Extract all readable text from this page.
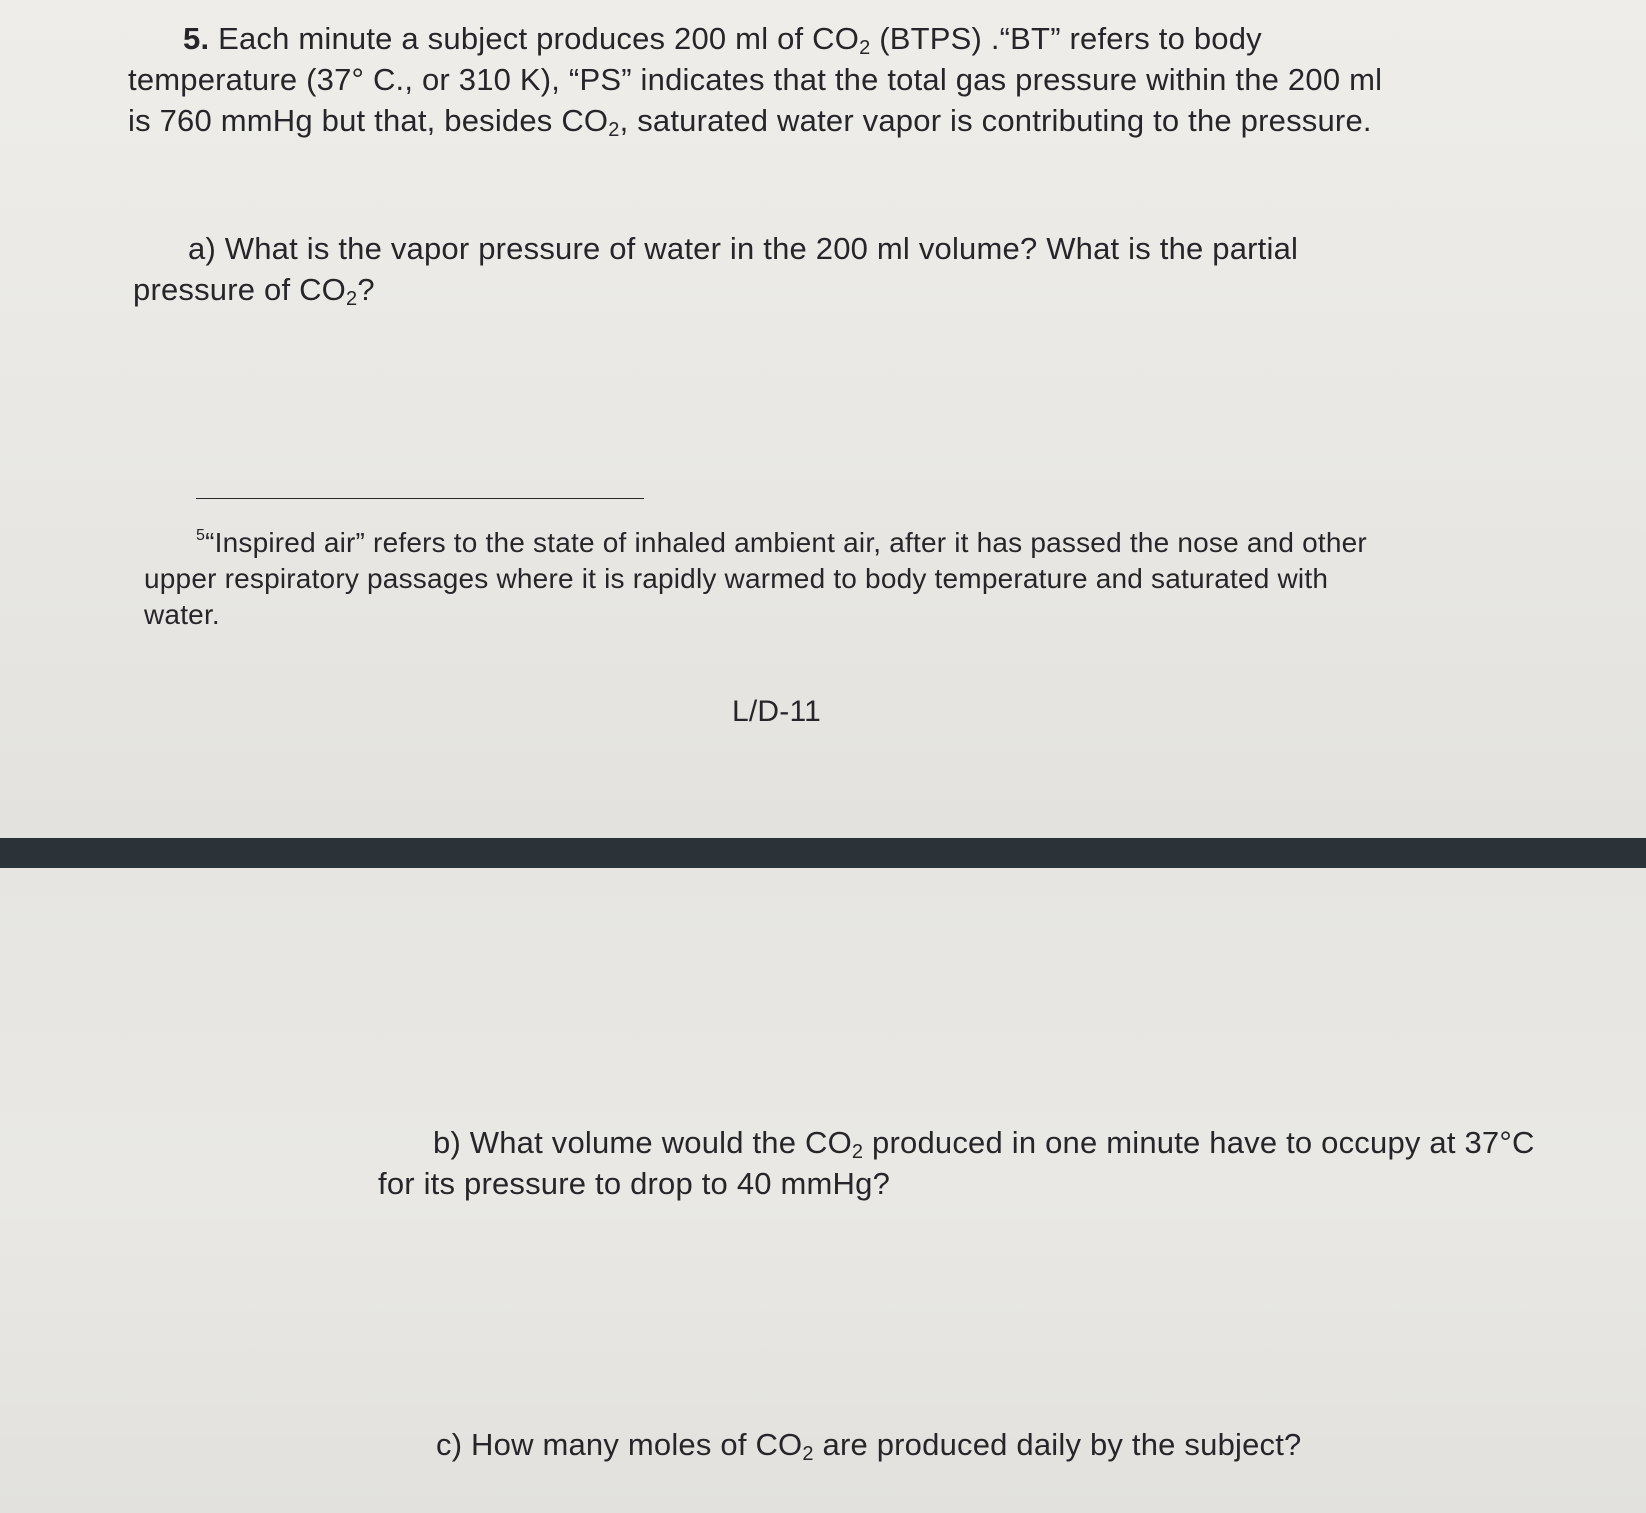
5. Each minute a subject produces 200 ml of $CO_2$ (BTPS) .“BT” refers to body temperature (37° C., or 310 K), “PS” indicates that the total gas pressure within the 200 ml is 760 mmHg but that, besides $CO_2$, saturated water vapor is contributing to the pressure.

a) What is the vapor pressure of water in the 200 ml volume? What is the partial pressure of $CO_2$?

$^5$“Inspired air” refers to the state of inhaled ambient air, after it has passed the nose and other upper respiratory passages where it is rapidly warmed to body temperature and saturated with water.

L/D-11

b) What volume would the $CO_2$ produced in one minute have to occupy at 37°C for its pressure to drop to 40 mmHg?

c) How many moles of $CO_2$ are produced daily by the subject?
